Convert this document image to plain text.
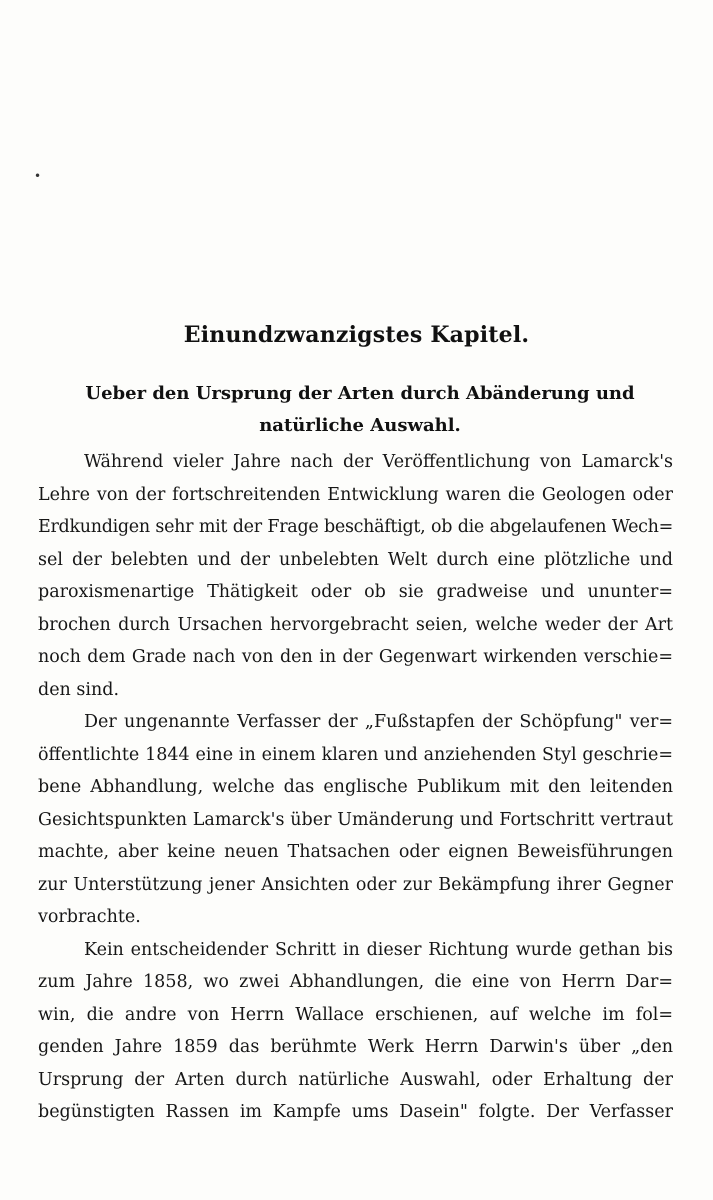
•
Einundzwanzigstes Kapitel.
Ueber den Ursprung der Arten durch Abänderung und
natürliche Auswahl.
Während vieler Jahre nach der Veröffentlichung von Lamarck's
Lehre von der fortschreitenden Entwicklung waren die Geologen oder
Erdkundigen sehr mit der Frage beschäftigt, ob die abgelaufenen Wech=
sel der belebten und der unbelebten Welt durch eine plötzliche und
paroxismenartige Thätigkeit oder ob sie gradweise und ununter=
brochen durch Ursachen hervorgebracht seien, welche weder der Art
noch dem Grade nach von den in der Gegenwart wirkenden verschie=
den sind.
Der ungenannte Verfasser der „Fußstapfen der Schöpfung" ver=
öffentlichte 1844 eine in einem klaren und anziehenden Styl geschrie=
bene Abhandlung, welche das englische Publikum mit den leitenden
Gesichtspunkten Lamarck's über Umänderung und Fortschritt vertraut
machte, aber keine neuen Thatsachen oder eignen Beweisführungen
zur Unterstützung jener Ansichten oder zur Bekämpfung ihrer Gegner
vorbrachte.
Kein entscheidender Schritt in dieser Richtung wurde gethan bis
zum Jahre 1858, wo zwei Abhandlungen, die eine von Herrn Dar=
win, die andre von Herrn Wallace erschienen, auf welche im fol=
genden Jahre 1859 das berühmte Werk Herrn Darwin's über „den
Ursprung der Arten durch natürliche Auswahl, oder Erhaltung der
begünstigten Rassen im Kampfe ums Dasein" folgte. Der Verfasser
